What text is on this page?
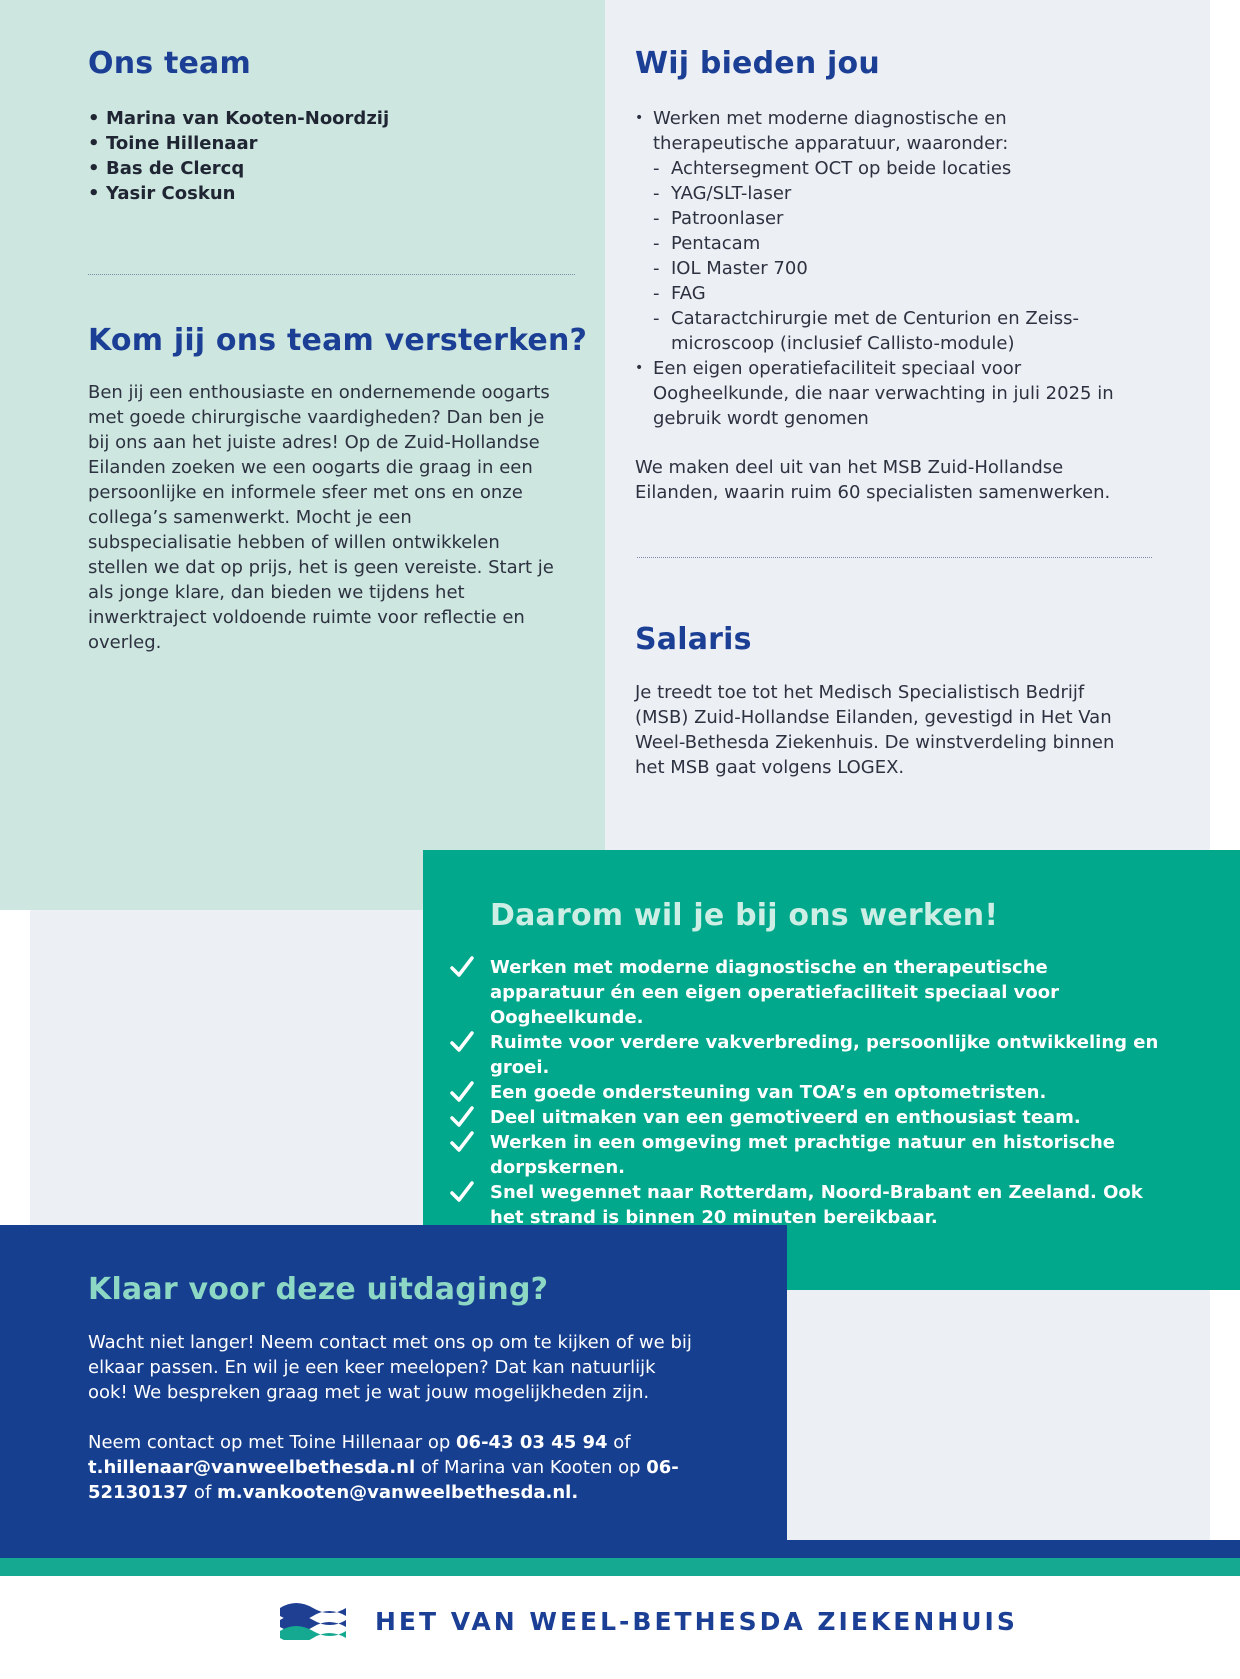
Ons team
• Marina van Kooten-Noordzij
• Toine Hillenaar
• Bas de Clercq
• Yasir Coskun
Kom jij ons team versterken?

Ben jij een enthousiaste en ondernemende oogarts met goede chirurgische vaardigheden? Dan ben je bij ons aan het juiste adres! Op de Zuid-Hollandse Eilanden zoeken we een oogarts die graag in een persoonlijke en informele sfeer met ons en onze collega’s samenwerkt. Mocht je een subspecialisatie hebben of willen ontwikkelen stellen we dat op prijs, het is geen vereiste. Start je als jonge klare, dan bieden we tijdens het inwerktraject voldoende ruimte voor reflectie en overleg.

Wij bieden jou
• Werken met moderne diagnostische en therapeutische apparatuur, waaronder:
- Achtersegment OCT op beide locaties
- YAG/SLT-laser
- Patroonlaser
- Pentacam
- IOL Master 700
- FAG
- Cataractchirurgie met de Centurion en Zeiss-microscoop (inclusief Callisto-module)
• Een eigen operatiefaciliteit speciaal voor Oogheelkunde, die naar verwachting in juli 2025 in gebruik wordt genomen

We maken deel uit van het MSB Zuid-Hollandse Eilanden, waarin ruim 60 specialisten samenwerken.

Salaris

Je treedt toe tot het Medisch Specialistisch Bedrijf (MSB) Zuid-Hollandse Eilanden, gevestigd in Het Van Weel-Bethesda Ziekenhuis. De winstverdeling binnen het MSB gaat volgens LOGEX.

Daarom wil je bij ons werken!
Werken met moderne diagnostische en therapeutische apparatuur én een eigen operatiefaciliteit speciaal voor Oogheelkunde.
Ruimte voor verdere vakverbreding, persoonlijke ontwikkeling en groei.
Een goede ondersteuning van TOA’s en optometristen.
Deel uitmaken van een gemotiveerd en enthousiast team.
Werken in een omgeving met prachtige natuur en historische dorpskernen.
Snel wegennet naar Rotterdam, Noord-Brabant en Zeeland. Ook het strand is binnen 20 minuten bereikbaar.
Klaar voor deze uitdaging?

Wacht niet langer! Neem contact met ons op om te kijken of we bij elkaar passen. En wil je een keer meelopen? Dat kan natuurlijk ook! We bespreken graag met je wat jouw mogelijkheden zijn.

Neem contact op met Toine Hillenaar op 06-43 03 45 94 of t.hillenaar@vanweelbethesda.nl of Marina van Kooten op 06-52130137 of m.vankooten@vanweelbethesda.nl.

HET VAN WEEL-BETHESDA ZIEKENHUIS
